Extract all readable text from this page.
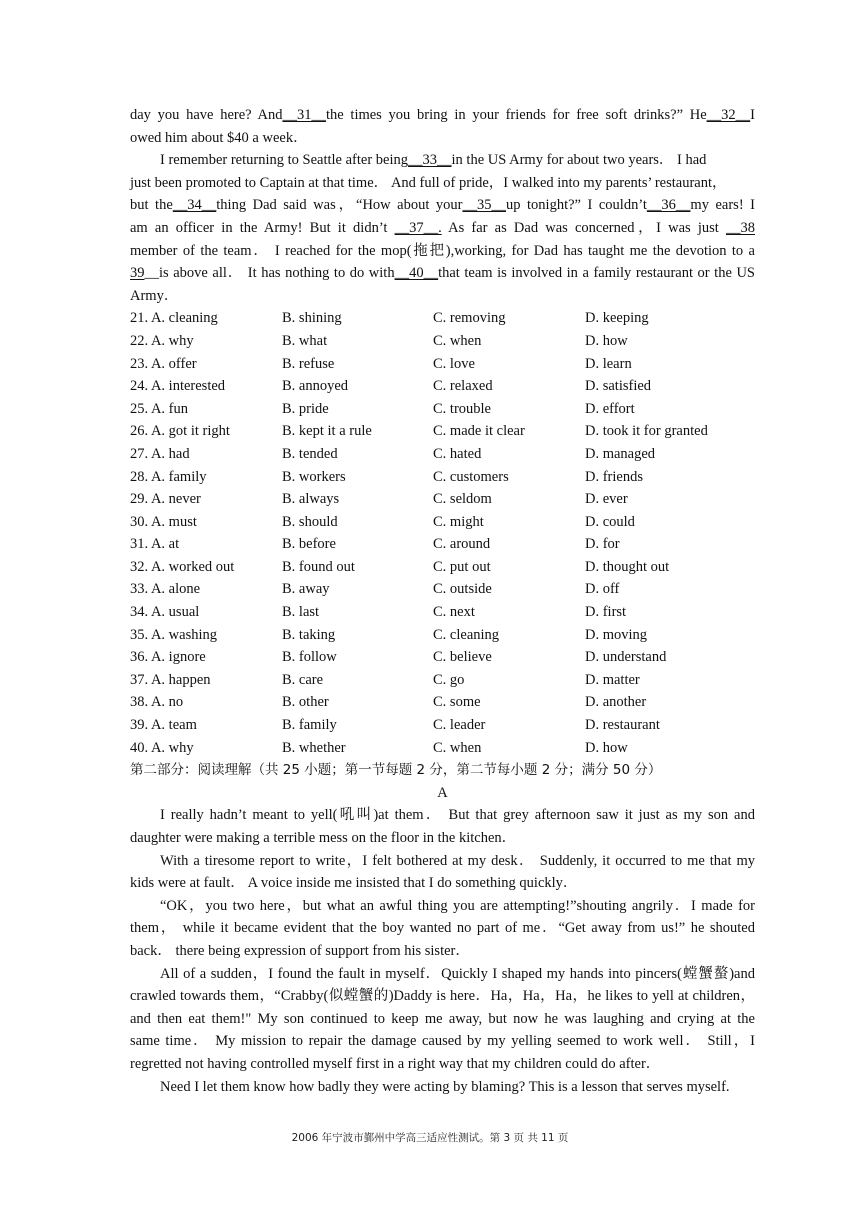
day you have here? And__31__the times you bring in your friends for free soft drinks?” He__32__I
owed him about $40 a week．
I remember returning to Seattle after being__33__in the US Army for about two years． I had
just been promoted to Captain at that time． And full of pride，I walked into my parents’ restaurant，
but the__34__thing Dad said was，“How about your__35__up tonight?” I couldn’t__36__my ears! I
am an officer in the Army! But it didn’t __37__. As far as Dad was concerned，I was just __38
member of the team． I reached for the mop(拖把),working, for Dad has taught me the devotion to a
39__is above all． It has nothing to do with__40__that team is involved in a family restaurant or the US
Army．
21. A. cleaning	B. shining	C. removing	D. keeping
22. A. why	B. what	C. when	D. how
23. A. offer	B. refuse	C. love	D. learn
24. A. interested	B. annoyed	C. relaxed	D. satisfied
25. A. fun	B. pride	C. trouble	D. effort
26. A. got it right	B. kept it a rule	C. made it clear	D. took it for granted
27. A. had	B. tended	C. hated	D. managed
28. A. family	B. workers	C. customers	D. friends
29. A. never	B. always	C. seldom	D. ever
30. A. must	B. should	C. might	D. could
31. A. at	B. before	C. around	D. for
32. A. worked out	B. found out	C. put out	D. thought out
33. A. alone	B. away	C. outside	D. off
34. A. usual	B. last	C. next	D. first
35. A. washing	B. taking	C. cleaning	D. moving
36. A. ignore	B. follow	C. believe	D. understand
37. A. happen	B. care	C. go	D. matter
38. A. no	B. other	C. some	D. another
39. A. team	B. family	C. leader	D. restaurant
40. A. why	B. whether	C. when	D. how
第二部分：阅读理解（共 25 小题；第一节每题 2 分，第二节每小题 2 分；满分 50 分）
A
I really hadn’t meant to yell(吼叫)at them． But that grey afternoon saw it just as my son and
daughter were making a terrible mess on the floor in the kitchen．
With a tiresome report to write，I felt bothered at my desk． Suddenly, it occurred to me that my
kids were at fault． A voice inside me insisted that I do something quickly．
“OK，you two here，but what an awful thing you are attempting!”shouting angrily．I made for
them， while it became evident that the boy wanted no part of me．“Get away from us!” he shouted
back． there being expression of support from his sister．
All of a sudden，I found the fault in myself．Quickly I shaped my hands into pincers(螳蟹螯)and
crawled towards them，“Crabby(似螳蟹的)Daddy is here．Ha，Ha，Ha，he likes to yell at children，
and then eat them!" My son continued to keep me away, but now he was laughing and crying at the
same time． My mission to repair the damage caused by my yelling seemed to work well． Still，I
regretted not having controlled myself first in a right way that my children could do after．
Need I let them know how badly they were acting by blaming? This is a lesson that serves myself.
2006 年宁波市鄞州中学高三适应性测试。第 3 页 共 11 页
